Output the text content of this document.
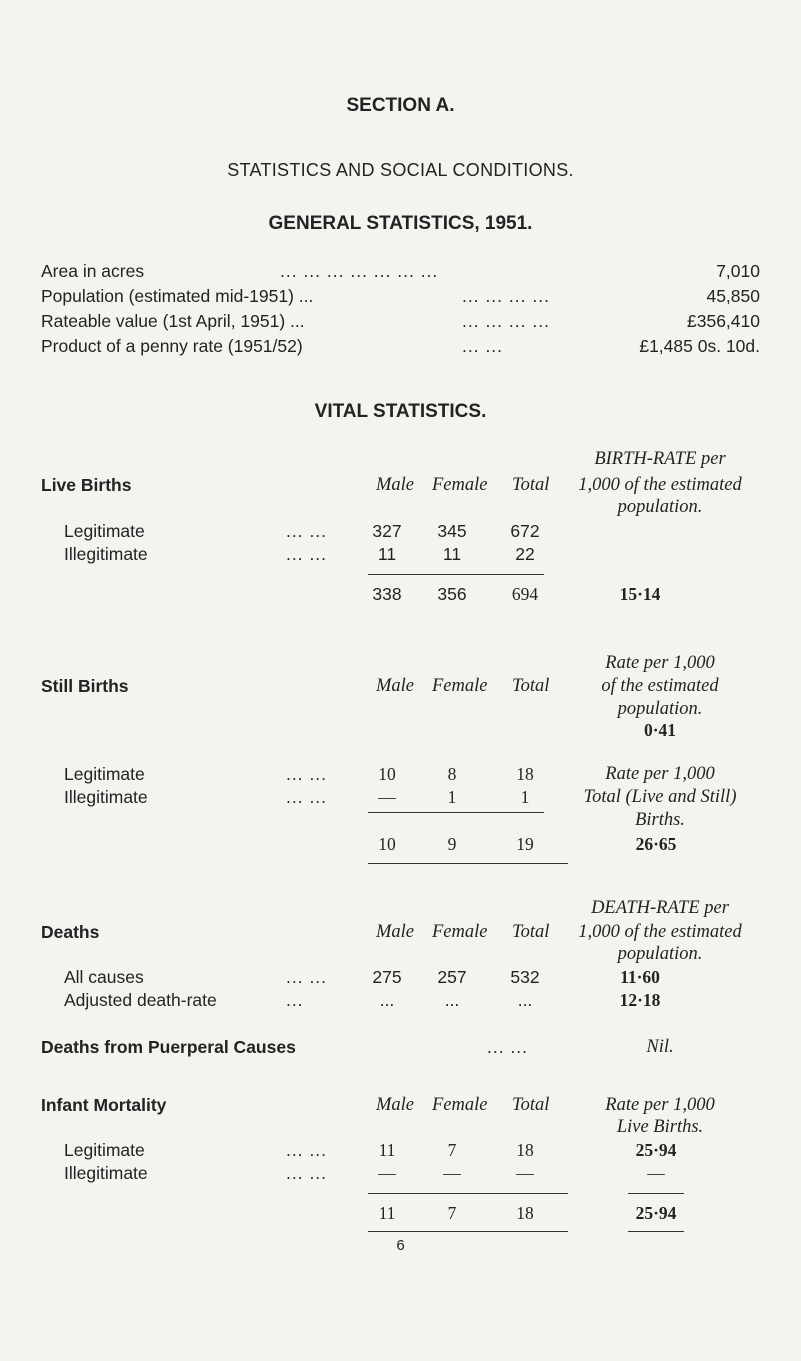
SECTION A.
STATISTICS AND SOCIAL CONDITIONS.
GENERAL STATISTICS, 1951.
Area in acres	... ... ... ... ... ... ...	7,010
Population (estimated mid-1951) ...	... ... ... ...	45,850
Rateable value (1st April, 1951) ...	... ... ... ...	£356,410
Product of a penny rate (1951/52)	... ...	£1,485 0s. 10d.
VITAL STATISTICS.
Live Births	Male Female Total
BIRTH-RATE per
1,000 of the estimated
population.
Legitimate	... ...	327	345	672
Illegitimate	... ...	11	11	22
338	356	694	15·14
Still Births	Male Female Total
Rate per 1,000
of the estimated
population.
0·41
Legitimate	... ...	10	8	18
Illegitimate	... ...	—	1	1
Rate per 1,000
Total (Live and Still)
Births.
10	9	19	26·65
DEATH-RATE per
Deaths	Male Female Total	1,000 of the estimated
population.
All causes	... ...	275	257	532	11·60
Adjusted death-rate	...	...	...	...	12·18
Deaths from Puerperal Causes	... ...	Nil.
Infant Mortality	Male Female Total	Rate per 1,000
Live Births.
Legitimate	... ...	11	7	18	25·94
Illegitimate	... ...	—	—	—	—
11	7	18	25·94
6
